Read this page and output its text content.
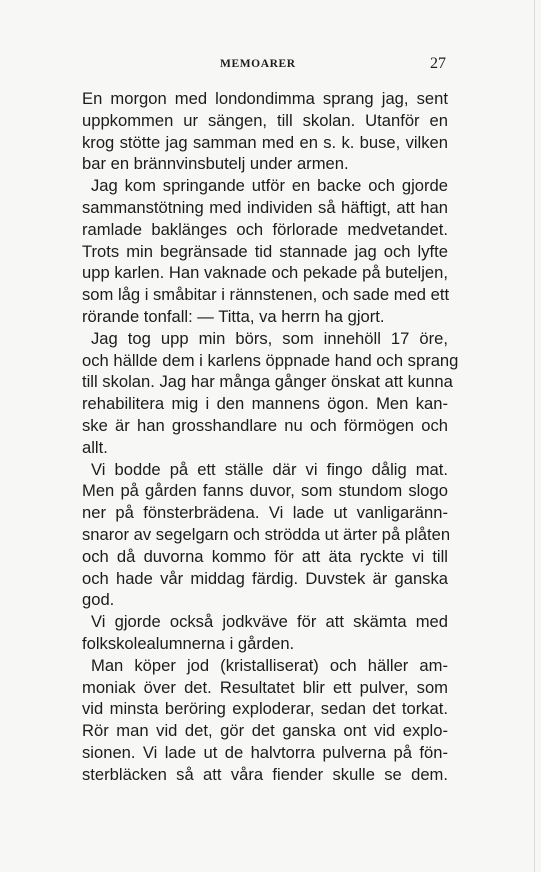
MEMOARER	27
En morgon med londondimma sprang jag, sent
uppkommen ur sängen, till skolan. Utanför en
krog stötte jag samman med en s. k. buse, vilken
bar en brännvinsbutelj under armen.
Jag kom springande utför en backe och gjorde
sammanstötning med individen så häftigt, att han
ramlade baklänges och förlorade medvetandet.
Trots min begränsade tid stannade jag och lyfte
upp karlen. Han vaknade och pekade på buteljen,
som låg i småbitar i rännstenen, och sade med ett
rörande tonfall: — Titta, va herrn ha gjort.
Jag tog upp min börs, som innehöll 17 öre,
och hällde dem i karlens öppnade hand och sprang
till skolan. Jag har många gånger önskat att kunna
rehabilitera mig i den mannens ögon. Men kan-
ske är han grosshandlare nu och förmögen och
allt.
Vi bodde på ett ställe där vi fingo dålig mat.
Men på gården fanns duvor, som stundom slogo
ner på fönsterbrädena. Vi lade ut vanligaränn-
snaror av segelgarn och strödda ut ärter på plåten
och då duvorna kommo för att äta ryckte vi till
och hade vår middag färdig. Duvstek är ganska
god.
Vi gjorde också jodkväve för att skämta med
folkskolealumnerna i gården.
Man köper jod (kristalliserat) och häller am-
moniak över det. Resultatet blir ett pulver, som
vid minsta beröring exploderar, sedan det torkat.
Rör man vid det, gör det ganska ont vid explo-
sionen. Vi lade ut de halvtorra pulverna på fön-
sterbläcken så att våra fiender skulle se dem.
